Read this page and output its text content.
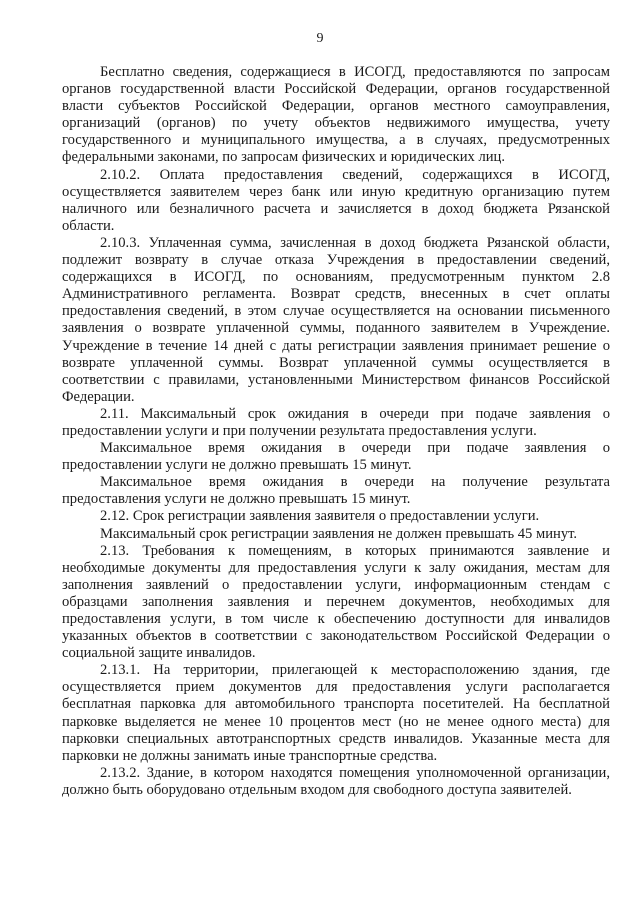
9

Бесплатно сведения, содержащиеся в ИСОГД, предоставляются по запросам органов государственной власти Российской Федерации, органов государственной власти субъектов Российской Федерации, органов местного самоуправления, организаций (органов) по учету объектов недвижимого имущества, учету государственного и муниципального имущества, а в случаях, предусмотренных федеральными законами, по запросам физических и юридических лиц.

2.10.2. Оплата предоставления сведений, содержащихся в ИСОГД, осуществляется заявителем через банк или иную кредитную организацию путем наличного или безналичного расчета и зачисляется в доход бюджета Рязанской области.

2.10.3. Уплаченная сумма, зачисленная в доход бюджета Рязанской области, подлежит возврату в случае отказа Учреждения в предоставлении сведений, содержащихся в ИСОГД, по основаниям, предусмотренным пунктом 2.8 Административного регламента. Возврат средств, внесенных в счет оплаты предоставления сведений, в этом случае осуществляется на основании письменного заявления о возврате уплаченной суммы, поданного заявителем в Учреждение. Учреждение в течение 14 дней с даты регистрации заявления принимает решение о возврате уплаченной суммы. Возврат уплаченной суммы осуществляется в соответствии с правилами, установленными Министерством финансов Российской Федерации.

2.11. Максимальный срок ожидания в очереди при подаче заявления о предоставлении услуги и при получении результата предоставления услуги.

Максимальное время ожидания в очереди при подаче заявления о предоставлении услуги не должно превышать 15 минут.

Максимальное время ожидания в очереди на получение результата предоставления услуги не должно превышать 15 минут.

2.12. Срок регистрации заявления заявителя о предоставлении услуги.

Максимальный срок регистрации заявления не должен превышать 45 минут.

2.13. Требования к помещениям, в которых принимаются заявление и необходимые документы для предоставления услуги к залу ожидания, местам для заполнения заявлений о предоставлении услуги, информационным стендам с образцами заполнения заявления и перечнем документов, необходимых для предоставления услуги, в том числе к обеспечению доступности для инвалидов указанных объектов в соответствии с законодательством Российской Федерации о социальной защите инвалидов.

2.13.1. На территории, прилегающей к месторасположению здания, где осуществляется прием документов для предоставления услуги располагается бесплатная парковка для автомобильного транспорта посетителей. На бесплатной парковке выделяется не менее 10 процентов мест (но не менее одного места) для парковки специальных автотранспортных средств инвалидов. Указанные места для парковки не должны занимать иные транспортные средства.

2.13.2. Здание, в котором находятся помещения уполномоченной организации, должно быть оборудовано отдельным входом для свободного доступа заявителей.
